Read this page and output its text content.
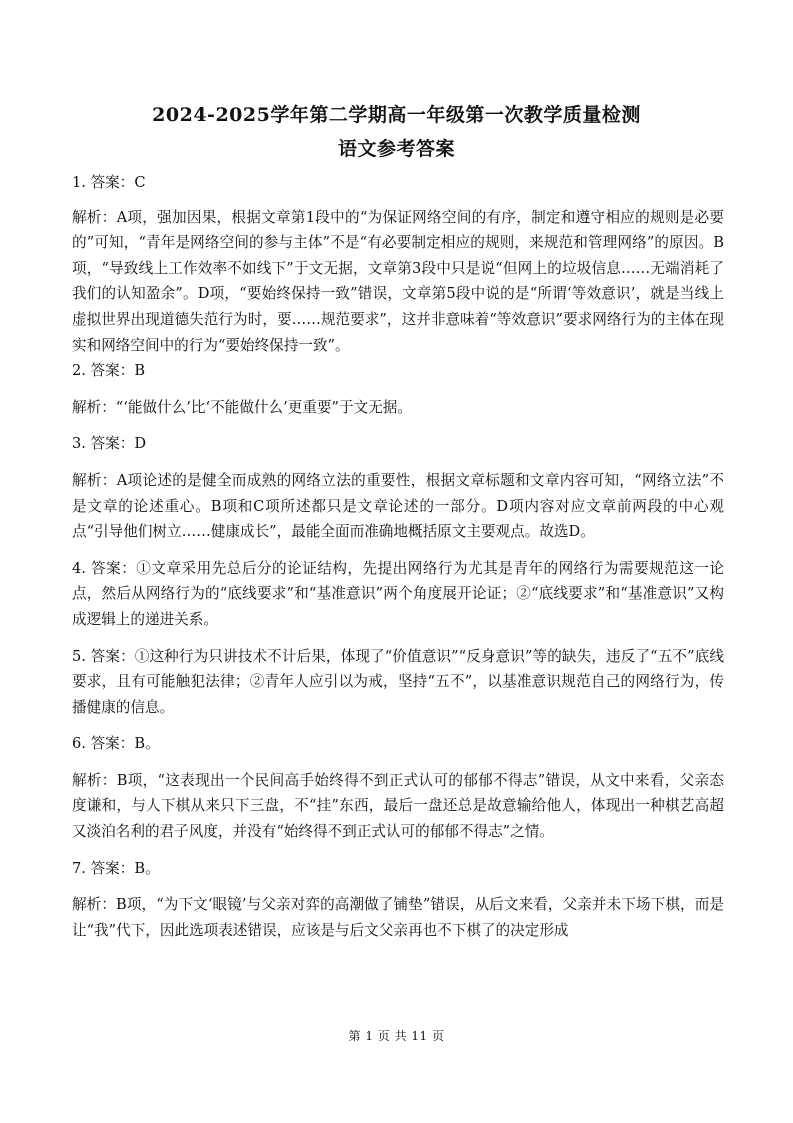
2024-2025学年第二学期高一年级第一次教学质量检测
语文参考答案

1. 答案：C

解析：A项，强加因果，根据文章第1段中的“为保证网络空间的有序，制定和遵守相应的规则是必要的”可知，“青年是网络空间的参与主体”不是“有必要制定相应的规则，来规范和管理网络”的原因。B项，“导致线上工作效率不如线下”于文无据，文章第3段中只是说“但网上的垃圾信息……无端消耗了我们的认知盈余”。D项，“要始终保持一致”错误，文章第5段中说的是“所谓‘等效意识’，就是当线上虚拟世界出现道德失范行为时，要……规范要求”，这并非意味着“等效意识”要求网络行为的主体在现实和网络空间中的行为“要始终保持一致”。

2. 答案：B

解析：“‘能做什么’比‘不能做什么’更重要”于文无据。

3. 答案：D

解析：A项论述的是健全而成熟的网络立法的重要性，根据文章标题和文章内容可知，“网络立法”不是文章的论述重心。B项和C项所述都只是文章论述的一部分。D项内容对应文章前两段的中心观点“引导他们树立……健康成长”，最能全面而准确地概括原文主要观点。故选D。

4. 答案：①文章采用先总后分的论证结构，先提出网络行为尤其是青年的网络行为需要规范这一论点，然后从网络行为的“底线要求”和“基准意识”两个角度展开论证；②“底线要求”和“基准意识”又构成逻辑上的递进关系。

5. 答案：①这种行为只讲技术不计后果，体现了“价值意识”“反身意识”等的缺失，违反了“五不”底线要求，且有可能触犯法律；②青年人应引以为戒，坚持“五不”，以基准意识规范自己的网络行为，传播健康的信息。

6. 答案：B。

解析：B项，“这表现出一个民间高手始终得不到正式认可的郁郁不得志”错误，从文中来看，父亲态度谦和，与人下棋从来只下三盘，不“挂”东西，最后一盘还总是故意输给他人，体现出一种棋艺高超又淡泊名利的君子风度，并没有“始终得不到正式认可的郁郁不得志”之情。

7. 答案：B。

解析：B项，“为下文‘眼镜’与父亲对弈的高潮做了铺垫”错误，从后文来看，父亲并未下场下棋，而是让“我”代下，因此选项表述错误，应该是与后文父亲再也不下棋了的决定形成

第 1 页 共 11 页
